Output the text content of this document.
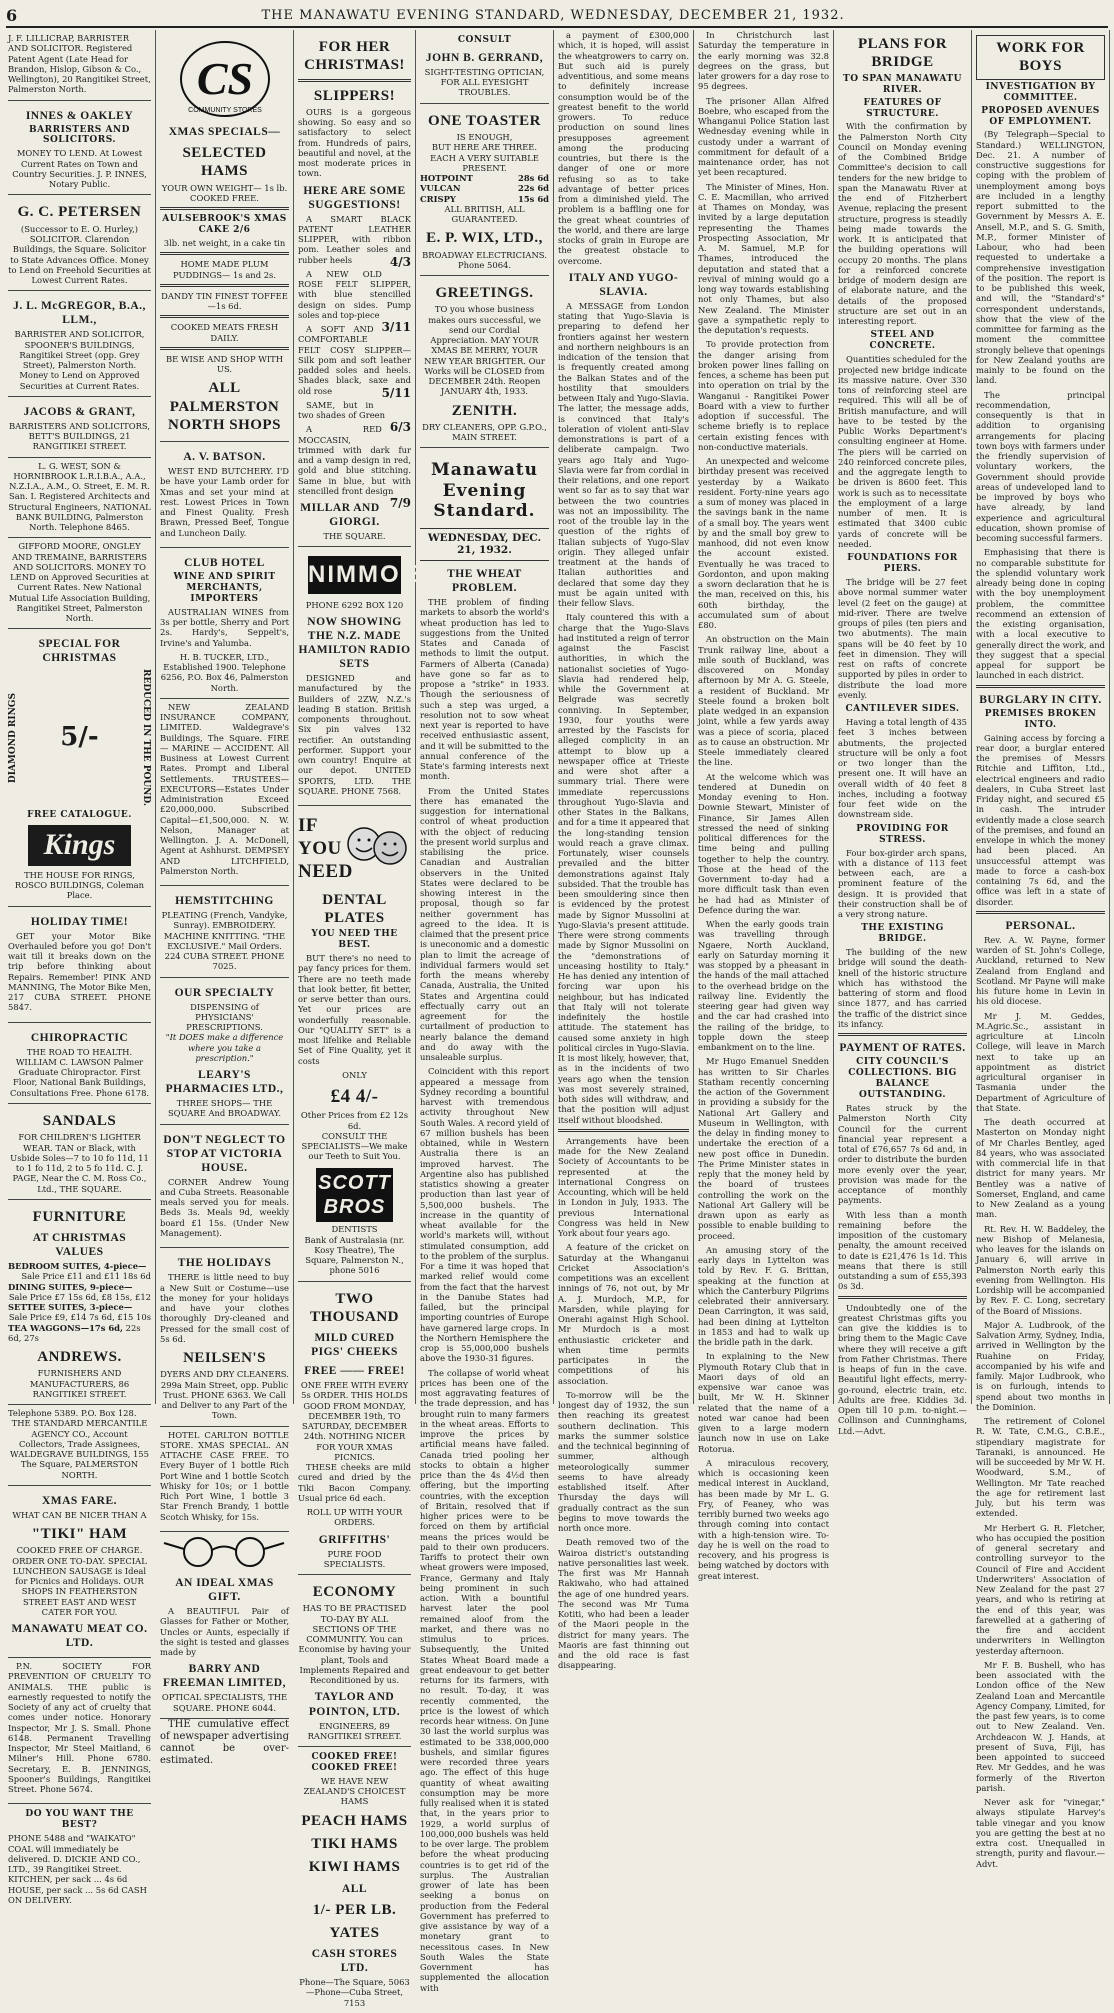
6	THE MANAWATU EVENING STANDARD, WEDNESDAY, DECEMBER 21, 1932.
J. F. LILLICRAP, BARRISTER AND SOLICITOR. Registered Patent Agent (Late Head for Brandon, Hislop, Gibson & Co., Wellington), 20 Rangitikei Street, Palmerston North.
INNES & OAKLEY
BARRISTERS AND SOLICITORS.
MONEY TO LEND. At Lowest Current Rates on Town and Country Securities. J. P. INNES, Notary Public.
G. C. PETERSEN
(Successor to E. O. Hurley,) SOLICITOR. Clarendon Buildings, the Square. Solicitor to State Advances Office. Money to Lend on Freehold Securities at Lowest Current Rates.
J. L. McGREGOR, B.A., LLM.,
BARRISTER AND SOLICITOR, SPOONER'S BUILDINGS, Rangitikei Street (opp. Grey Street), Palmerston North. Money to Lend on Approved Securities at Current Rates.
JACOBS & GRANT,
BARRISTERS AND SOLICITORS, BETT'S BUILDINGS, 21 RANGITIKEI STREET.
L. G. WEST, SON & HORNIBROOK L.R.I.B.A., A.A., N.Z.I.A., A.M., O. Street, E. M. R. San. I. Registered Architects and Structural Engineers, NATIONAL BANK BUILDING, Palmerston North. Telephone 8465.
GIFFORD MOORE, ONGLEY AND TREMAINE, BARRISTERS AND SOLICITORS. MONEY TO LEND on Approved Securities at Current Rates. New National Mutual Life Association Building, Rangitikei Street, Palmerston North.
SPECIAL FOR CHRISTMAS
DIAMOND RINGS 5/-	REDUCED IN THE POUND.
FREE CATALOGUE.
Kings
THE HOUSE FOR RINGS, ROSCO BUILDINGS, Coleman Place.
HOLIDAY TIME!
GET your Motor Bike Overhauled before you go! Don't wait till it breaks down on the trip before thinking about Repairs. Remember! PINK AND MANNING, The Motor Bike Men, 217 CUBA STREET. PHONE 5847.
CHIROPRACTIC
THE ROAD TO HEALTH. WILLIAM C. LAWSON Palmer Graduate Chiropractor. First Floor, National Bank Buildings, Consultations Free. Phone 6178.
SANDALS
FOR CHILDREN'S LIGHTER WEAR. TAN or Black, with Usbide Soles—7 to 10 fo 11d, 11 to 1 fo 11d, 2 to 5 fo 11d. C. J. PAGE, Near the C. M. Ross Co., Ltd., THE SQUARE.
FURNITURE
AT CHRISTMAS VALUES
BEDROOM SUITES, 4-piece—
Sale Price £11 and £11 18s 6d
DINING SUITES, 9-piece—
Sale Price £7 15s 6d, £8 15s, £12
SETTEE SUITES, 3-piece—
Sale Price £9, £14 7s 6d, £15 10s
TEA WAGGONS—17s 6d, 22s 6d, 27s
ANDREWS.
FURNISHERS AND MANUFACTURERS, 86 RANGITIKEI STREET.
Telephone 5389. P.O. Box 128.
THE STANDARD MERCANTILE AGENCY CO., Account Collectors, Trade Assignees, WALDEGRAVE BUILDINGS, 155 The Square, PALMERSTON NORTH.
XMAS FARE.
WHAT CAN BE NICER THAN A
"TIKI" HAM
COOKED FREE OF CHARGE. ORDER ONE TO-DAY. SPECIAL LUNCHEON SAUSAGE is Ideal for Picnics and Holidays. OUR SHOPS IN FEATHERSTON STREET EAST AND WEST CATER FOR YOU.
MANAWATU MEAT CO. LTD.
P.N. SOCIETY FOR PREVENTION OF CRUELTY TO ANIMALS. THE public is earnestly requested to notify the Society of any act of cruelty that comes under notice. Honorary Inspector, Mr J. S. Small. Phone 6148. Permanent Travelling Inspector, Mr Steel Maitland, 6 Milner's Hill. Phone 6780. Secretary, E. B. JENNINGS, Spooner's Buildings, Rangitikei Street. Phone 5674.
DO YOU WANT THE BEST?
PHONE 5488 and "WAIKATO" COAL will immediately be delivered. D. DICKIE AND CO., LTD., 39 Rangitikei Street. KITCHEN, per sack ... 4s 6d HOUSE, per sack ... 5s 6d CASH ON DELIVERY.
CS
COMMUNITY STORES
XMAS SPECIALS—
SELECTED HAMS
YOUR OWN WEIGHT— 1s lb. COOKED FREE.
AULSEBROOK'S XMAS CAKE 2/6
3lb. net weight, in a cake tin
HOME MADE PLUM PUDDINGS— 1s and 2s.
DANDY TIN FINEST TOFFEE—1s 6d.
COOKED MEATS FRESH DAILY.
BE WISE AND SHOP WITH US.
ALL PALMERSTON NORTH SHOPS
A. V. BATSON.
WEST END BUTCHERY. I'D be have your Lamb order for Xmas and set your mind at rest. Lowest Prices in Town and Finest Quality. Fresh Brawn, Pressed Beef, Tongue and Luncheon Daily.
CLUB HOTEL
WINE AND SPIRIT MERCHANTS, IMPORTERS
AUSTRALIAN WINES from 3s per bottle, Sherry and Port 2s. Hardy's, Seppelt's, Irvine's and Yalumba.
H. B. TUCKER, LTD., Established 1900. Telephone 6256, P.O. Box 46, Palmerston North.
NEW ZEALAND INSURANCE COMPANY, LIMITED. Waldegrave's Buildings, The Square. FIRE — MARINE — ACCIDENT. All Business at Lowest Current Rates. Prompt and Liberal Settlements. TRUSTEES—EXECUTORS—Estates Under Administration Exceed £20,000,000. Subscribed Capital—£1,500,000. N. W. Nelson, Manager at Wellington. J. A. McDonell, Agent at Ashhurst. DEMPSEY AND LITCHFIELD, Palmerston North.
HEMSTITCHING
PLEATING (French, Vandyke, Sunray). EMBROIDERY. MACHINE KNITTING. "THE EXCLUSIVE." Mail Orders. 224 CUBA STREET. PHONE 7025.
OUR SPECIALTY
DISPENSING of PHYSICIANS' PRESCRIPTIONS.
"It DOES make a difference where you take a prescription."
LEARY'S PHARMACIES LTD.,
THREE SHOPS— THE SQUARE And BROADWAY.
DON'T NEGLECT TO STOP AT VICTORIA HOUSE.
CORNER Andrew Young and Cuba Streets. Reasonable meals served you for meals. Beds 3s. Meals 9d, weekly board £1 15s. (Under New Management).
THE HOLIDAYS
THERE is little need to buy a New Suit or Costume—use the money for your holidays and have your clothes thoroughly Dry-cleaned and Pressed for the small cost of 5s 6d.
NEILSEN'S
DYERS AND DRY CLEANERS. 299a Main Street, opp. Public Trust. PHONE 6363. We Call and Deliver to any Part of the Town.
HOTEL CARLTON BOTTLE STORE. XMAS SPECIAL. AN ATTACHE CASE FREE. TO Every Buyer of 1 bottle Rich Port Wine and 1 bottle Scotch Whisky for 10s; or 1 bottle Rich Port Wine, 1 bottle 3 Star French Brandy, 1 bottle Scotch Whisky, for 15s.
AN IDEAL XMAS GIFT.
A BEAUTIFUL Pair of Glasses for Father or Mother, Uncles or Aunts, especially if the sight is tested and glasses made by
BARRY AND FREEMAN LIMITED,
OPTICAL SPECIALISTS, THE SQUARE. PHONE 6044.
THE cumulative effect of newspaper advertising cannot be over-estimated.
FOR HER CHRISTMAS!
SLIPPERS!
OURS is a gorgeous showing. So easy and so satisfactory to select from. Hundreds of pairs, beautiful and novel, at the most moderate prices in town.
HERE ARE SOME SUGGESTIONS!
A SMART BLACK PATENT LEATHER SLIPPER, with ribbon pom. Leather soles and rubber heels	4/3
A NEW OLD ROSE FELT SLIPPER, with blue stencilled design on sides. Pump soles and top-piece
3/11
A SOFT AND COMFORTABLE FELT COSY SLIPPER—Silk pom and soft leather padded soles and heels. Shades black, saxe and old rose	5/11
SAME, but in two shades of Green
6/3
A RED MOCCASIN, trimmed with dark fur and a vamp design in red, gold and blue stitching. Same in blue, but with stencilled front design
7/9
MILLAR AND GIORGI.
THE SQUARE.
NIMMO'S
PHONE 6292 BOX 120
NOW SHOWING THE N.Z. MADE HAMILTON RADIO SETS
DESIGNED and manufactured by the Builders of 2ZW, N.Z.'s leading B station. British components throughout. Six pin valves 132 rectifier. An outstanding performer. Support your own country! Enquire at our depot. UNITED SPORTS, LTD. THE SQUARE. PHONE 7568.
IF YOU NEED
DENTAL PLATES
YOU NEED THE BEST.
BUT there's no need to pay fancy prices for them. There are no teeth made that look better, fit better, or serve better than ours. Yet our prices are wonderfully reasonable. Our "QUALITY SET" is a most lifelike and Reliable Set of Fine Quality, yet it costs
ONLY
£4 4/-
Other Prices from £2 12s 6d.
CONSULT THE SPECIALISTS—We make our Teeth to Suit You.
SCOTT BROS
DENTISTS
Bank of Australasia (nr. Kosy Theatre), The Square, Palmerston N., phone 5016
TWO THOUSAND
MILD CURED PIGS' CHEEKS
FREE —— FREE!
ONE FREE WITH EVERY 5s ORDER. THIS HOLDS GOOD FROM MONDAY, DECEMBER 19th, TO SATURDAY, DECEMBER 24th. NOTHING NICER FOR YOUR XMAS PICNICS.
THESE cheeks are mild cured and dried by the Tiki Bacon Company. Usual price 6d each.
ROLL UP WITH YOUR ORDERS.
GRIFFITHS'
PURE FOOD SPECIALISTS.
ECONOMY
HAS TO BE PRACTISED TO-DAY BY ALL SECTIONS OF THE COMMUNITY. You can Economise by having your plant, Tools and Implements Repaired and Reconditioned by us.
TAYLOR AND POINTON, LTD.
ENGINEERS, 89 RANGITIKEI STREET.
COOKED FREE! COOKED FREE!
WE HAVE NEW ZEALAND'S CHOICEST HAMS
PEACH HAMS
TIKI HAMS
KIWI HAMS
ALL
1/- PER LB.
YATES
CASH STORES LTD.
Phone—The Square, 5063—Phone—Cuba Street, 7153
CONSULT
JOHN B. GERRAND,
SIGHT-TESTING OPTICIAN, FOR ALL EYESIGHT TROUBLES.
ONE TOASTER
IS ENOUGH,
BUT HERE ARE THREE. EACH A VERY SUITABLE PRESENT.
HOTPOINT	28s 6d
VULCAN	22s 6d
CRISPY	15s 6d
ALL BRITISH, ALL GUARANTEED.
E. P. WIX, LTD.,
BROADWAY ELECTRICIANS. Phone 5064.
GREETINGS.
TO you whose business makes ours successful, we send our Cordial Appreciation. MAY YOUR XMAS BE MERRY, YOUR NEW YEAR BRIGHTER. Our Works will be CLOSED from DECEMBER 24th. Reopen JANUARY 4th, 1933.
ZENITH.
DRY CLEANERS, OPP. G.P.O., MAIN STREET.
Manawatu
Evening Standard.
WEDNESDAY, DEC. 21, 1932.
THE WHEAT PROBLEM.
THE problem of finding markets to absorb the world's wheat production has led to suggestions from the United States and Canada of methods to limit the output. Farmers of Alberta (Canada) have gone so far as to propose a "strike" in 1933. Though the seriousness of such a step was urged, a resolution not to sow wheat next year is reported to have received enthusiastic assent, and it will be submitted to the annual conference of the State's farming interests next month.
From the United States there has emanated the suggestion for international control of wheat production with the object of reducing the present world surplus and stabilising the price. Canadian and Australian observers in the United States were declared to be showing interest in the proposal, though so far neither government has agreed to the idea. It is claimed that the present price is uneconomic and a domestic plan to limit the acreage of individual farmers would set forth the means whereby Canada, Australia, the United States and Argentina could effectually carry out an agreement for the curtailment of production to nearly balance the demand and do away with the unsaleable surplus.
Coincident with this report appeared a message from Sydney recording a bountiful harvest with tremendous activity throughout New South Wales. A record yield of 67 million bushels has been obtained, while in Western Australia there is an improved harvest. The Argentine also has published statistics showing a greater production than last year of 5,500,000 bushels. The increase in the quantity of wheat available for the world's markets will, without stimulated consumption, add to the problem of the surplus. For a time it was hoped that marked relief would come from the fact that the harvest in the Danube States had failed, but the principal importing countries of Europe have garnered large crops. In the Northern Hemisphere the crop is 55,000,000 bushels above the 1930-31 figures.
The collapse of world wheat prices has been one of the most aggravating features of the trade depression, and has brought ruin to many farmers in the wheat areas. Efforts to improve the prices by artificial means have failed. Canada tried pooling her stocks to obtain a higher price than the 4s 4½d then offering, but the importing countries, with the exception of Britain, resolved that if higher prices were to be forced on them by artificial means the prices would be paid to their own producers. Tariffs to protect their own wheat growers were imposed, France, Germany and Italy being prominent in such action. With a bountiful harvest later the pool remained aloof from the market, and there was no stimulus to prices. Subsequently, the United States Wheat Board made a great endeavour to get better returns for its farmers, with no result. To-day, it was recently commented, the price is the lowest of which records hear witness. On June 30 last the world surplus was estimated to be 338,000,000 bushels, and similar figures were recorded three years ago. The effect of this huge quantity of wheat awaiting consumption may be more fully realised when it is stated that, in the years prior to 1929, a world surplus of 100,000,000 bushels was held to be over large. The problem before the wheat producing countries is to get rid of the surplus. The Australian grower of late has been seeking a bonus on production from the Federal Government has preferred to give assistance by way of a monetary grant to necessitous cases. In New South Wales the State Government has supplemented the allocation with
a payment of £300,000 which, it is hoped, will assist the wheatgrowers to carry on. But such aid is purely adventitious, and some means to definitely increase consumption would be of the greatest benefit to the world growers. To reduce production on sound lines presupposes agreement among the producing countries, but there is the danger of one or more refusing so as to take advantage of better prices from a diminished yield. The problem is a baffling one for the great wheat countries of the world, and there are large stocks of grain in Europe are the greatest obstacle to overcome.
ITALY AND YUGO-SLAVIA.
A MESSAGE from London stating that Yugo-Slavia is preparing to defend her frontiers against her western and northern neighbours is an indication of the tension that is frequently created among the Balkan States and of the hostility that smoulders between Italy and Yugo-Slavia. The latter, the message adds, is convinced that Italy's toleration of violent anti-Slav demonstrations is part of a deliberate campaign. Two years ago Italy and Yugo-Slavia were far from cordial in their relations, and one report went so far as to say that war between the two countries was not an impossibility. The root of the trouble lay in the question of the rights of Italian subjects of Yugo-Slav origin. They alleged unfair treatment at the hands of Italian authorities and declared that some day they must be again united with their fellow Slavs.
Italy countered this with a charge that the Yugo-Slavs had instituted a reign of terror against the Fascist authorities, in which the nationalist societies of Yugo-Slavia had rendered help, while the Government at Belgrade was secretly conniving. In September, 1930, four youths were arrested by the Fascists for alleged complicity in an attempt to blow up a newspaper office at Trieste and were shot after a summary trial. There were immediate repercussions throughout Yugo-Slavia and other States in the Balkans, and for a time it appeared that the long-standing tension would reach a grave climax. Fortunately, wiser counsels prevailed and the bitter demonstrations against Italy subsided. That the trouble has been smouldering since then is evidenced by the protest made by Signor Mussolini at Yugo-Slavia's present attitude. There were strong comments made by Signor Mussolini on the "demonstrations of unceasing hostility to Italy." He has denied any intention of forcing war upon his neighbour, but has indicated that Italy will not tolerate indefinitely the hostile attitude. The statement has caused some anxiety in high political circles in Yugo-Slavia. It is most likely, however, that, as in the incidents of two years ago when the tension was most severely strained, both sides will withdraw, and that the position will adjust itself without bloodshed.
Arrangements have been made for the New Zealand Society of Accountants to be represented at the international Congress on Accounting, which will be held in London in July, 1933. The previous International Congress was held in New York about four years ago.
A feature of the cricket on Saturday at the Whanganui Cricket Association's competitions was an excellent innings of 76, not out, by Mr A. J. Murdoch, M.P., for Marsden, while playing for Onerahi against High School. Mr Murdoch is a most enthusiastic cricketer and when time permits participates in the competitions of his association.
To-morrow will be the longest day of 1932, the sun then reaching its greatest southern declination. This marks the summer solstice and the technical beginning of summer, although meteorologically summer seems to have already established itself. After Thursday the days will gradually contract as the sun begins to move towards the north once more.
Death removed two of the Wairoa district's outstanding native personalities last week. The first was Mr Hannah Rakiwaho, who had attained the age of one hundred years. The second was Mr Tuma Kotiti, who had been a leader of the Maori people in the district for many years. The Maoris are fast thinning out and the old race is fast disappearing.
In Christchurch last Saturday the temperature in the early morning was 32.8 degrees on the grass, but later growers for a day rose to 95 degrees.
The prisoner Allan Alfred Boebre, who escaped from the Whanganui Police Station last Wednesday evening while in custody under a warrant of commitment for default of a maintenance order, has not yet been recaptured.
The Minister of Mines, Hon. C. E. Macmillan, who arrived at Thames on Monday, was invited by a large deputation representing the Thames Prospecting Association, Mr A. M. Samuel, M.P. for Thames, introduced the deputation and stated that a revival of mining would go a long way towards establishing not only Thames, but also New Zealand. The Minister gave a sympathetic reply to the deputation's requests.
To provide protection from the danger arising from broken power lines falling on fences, a scheme has been put into operation on trial by the Wanganui - Rangitikei Power Board with a view to further adoption if successful. The scheme briefly is to replace certain existing fences with non-conductive materials.
An unexpected and welcome birthday present was received yesterday by a Waikato resident. Forty-nine years ago a sum of money was placed in the savings bank in the name of a small boy. The years went by and the small boy grew to manhood, did not even know the account existed. Eventually he was traced to Gordonton, and upon making a sworn declaration that he is the man, received on this, his 60th birthday, the accumulated sum of about £80.
An obstruction on the Main Trunk railway line, about a mile south of Buckland, was discovered on Monday afternoon by Mr A. G. Steele, a resident of Buckland. Mr Steele found a broken bolt plate wedged in an expansion joint, while a few yards away was a piece of scoria, placed as to cause an obstruction. Mr Steele immediately cleared the line.
At the welcome which was tendered at Dunedin on Monday evening to Hon. Downie Stewart, Minister of Finance, Sir James Allen stressed the need of sinking political differences for the time being and pulling together to help the country. Those at the head of the Government to-day had a more difficult task than even he had had as Minister of Defence during the war.
When the early goods train was travelling through Ngaere, North Auckland, early on Saturday morning it was stopped by a pheasant in the hands of the mail attached to the overhead bridge on the railway line. Evidently the steering gear had given way and the car had crashed into the railing of the bridge, to topple down the steep embankment on to the line.
Mr Hugo Emanuel Snedden has written to Sir Charles Statham recently concerning the action of the Government in providing a subsidy for the National Art Gallery and Museum in Wellington, with the delay in finding money to undertake the erection of a new post office in Dunedin. The Prime Minister states in reply that the money held by the board of trustees controlling the work on the National Art Gallery will be drawn upon as early as possible to enable building to proceed.
An amusing story of the early days in Lyttelton was told by Rev. F. G. Brittan, speaking at the function at which the Canterbury Pilgrims celebrated their anniversary. Dean Carrington, it was said, had been dining at Lyttelton in 1853 and had to walk up the bridle path in the dark.
In explaining to the New Plymouth Rotary Club that in Maori days of old an expensive war canoe was built, Mr W. H. Skinner related that the name of a noted war canoe had been given to a large modern launch now in use on Lake Rotorua.
A miraculous recovery, which is occasioning keen medical interest in Auckland, has been made by Mr L. G. Fry, of Feaney, who was terribly burned two weeks ago through coming into contact with a high-tension wire. To-day he is well on the road to recovery, and his progress is being watched by doctors with great interest.
PLANS FOR BRIDGE
TO SPAN MANAWATU RIVER.
FEATURES OF STRUCTURE.
With the confirmation by the Palmerston North City Council on Monday evening of the Combined Bridge Committee's decision to call tenders for the new bridge to span the Manawatu River at the end of Fitzherbert Avenue, replacing the present structure, progress is steadily being made towards the work. It is anticipated that the building operations will occupy 20 months. The plans for a reinforced concrete bridge of modern design are of elaborate nature, and the details of the proposed structure are set out in an interesting report.
STEEL AND CONCRETE.
Quantities scheduled for the projected new bridge indicate its massive nature. Over 330 tons of reinforcing steel are required. This will all be of British manufacture, and will have to be tested by the Public Works Department's consulting engineer at Home. The piers will be carried on 240 reinforced concrete piles, and the aggregate length to be driven is 8600 feet. This work is such as to necessitate the employment of a large number of men. It is estimated that 3400 cubic yards of concrete will be needed.
FOUNDATIONS FOR PIERS.
The bridge will be 27 feet above normal summer water level (2 feet on the gauge) at mid-river. There are twelve groups of piles (ten piers and two abutments). The main spans will be 40 feet by 10 feet in dimension. They will rest on rafts of concrete supported by piles in order to distribute the load more evenly.
CANTILEVER SIDES.
Having a total length of 435 feet 3 inches between abutments, the projected structure will be only a foot or two longer than the present one. It will have an overall width of 40 feet 8 inches, including a footway four feet wide on the downstream side.
PROVIDING FOR STRESS.
Four box-girder arch spans, with a distance of 113 feet between each, are a prominent feature of the design. It is provided that their construction shall be of a very strong nature.
THE EXISTING BRIDGE.
The building of the new bridge will sound the death-knell of the historic structure which has withstood the battering of storm and flood since 1877, and has carried the traffic of the district since its infancy.
PAYMENT OF RATES.
CITY COUNCIL'S COLLECTIONS. BIG BALANCE OUTSTANDING.
Rates struck by the Palmerston North City Council for the current financial year represent a total of £76,657 7s 6d and, in order to distribute the burden more evenly over the year, provision was made for the acceptance of monthly payments.
With less than a month remaining before the imposition of the customary penalty, the amount received to date is £21,476 1s 1d. This means that there is still outstanding a sum of £55,393 0s 3d.
Undoubtedly one of the greatest Christmas gifts you can give the kiddies is to bring them to the Magic Cave where they will receive a gift from Father Christmas. There is heaps of fun in the cave. Beautiful light effects, merry-go-round, electric train, etc. Adults are free. Kiddies 3d. Open till 10 p.m. to-night.—Collinson and Cunninghams, Ltd.—Advt.
WORK FOR BOYS
INVESTIGATION BY COMMITTEE.
PROPOSED AVENUES OF EMPLOYMENT.
(By Telegraph—Special to Standard.) WELLINGTON, Dec. 21. A number of constructive suggestions for coping with the problem of unemployment among boys are included in a lengthy report submitted to the Government by Messrs A. E. Ansell, M.P., and S. G. Smith, M.P., former Minister of Labour, who had been requested to undertake a comprehensive investigation of the position. The report is to be published this week, and will, the "Standard's" correspondent understands, show that the view of the committee for farming as the moment the committee strongly believe that openings for New Zealand youths are mainly to be found on the land.
The principal recommendation, consequently is that in addition to organising arrangements for placing town boys with farmers under the friendly supervision of voluntary workers, the Government should provide areas of undeveloped land to be improved by boys who have already, by land experience and agricultural education, shown promise of becoming successful farmers.
Emphasising that there is no comparable substitute for the splendid voluntary work already being done in coping with the boy unemployment problem, the committee recommend an extension of the existing organisation, with a local executive to generally direct the work, and they suggest that a special appeal for support be launched in each district.
BURGLARY IN CITY.
PREMISES BROKEN INTO.
Gaining access by forcing a rear door, a burglar entered the premises of Messrs Ritchie and Liffiton, Ltd., electrical engineers and radio dealers, in Cuba Street last Friday night, and secured £5 in cash. The intruder evidently made a close search of the premises, and found an envelope in which the money had been placed. An unsuccessful attempt was made to force a cash-box containing 7s 6d, and the office was left in a state of disorder.
PERSONAL.
Rev. A. W. Payne, former warden of St. John's College, Auckland, returned to New Zealand from England and Scotland. Mr Payne will make his future home in Levin in his old diocese.
Mr J. M. Geddes, M.Agric.Sc., assistant in agriculture at Lincoln College, will leave in March next to take up an appointment as district agricultural organiser in Tasmania under the Department of Agriculture of that State.
The death occurred at Masterton on Monday night of Mr Charles Bentley, aged 84 years, who was associated with commercial life in that district for many years. Mr Bentley was a native of Somerset, England, and came to New Zealand as a young man.
Rt. Rev. H. W. Baddeley, the new Bishop of Melanesia, who leaves for the islands on January 6, will arrive in Palmerston North early this evening from Wellington. His Lordship will be accompanied by Rev. F. C. Long, secretary of the Board of Missions.
Major A. Ludbrook, of the Salvation Army, Sydney, India, arrived in Wellington by the Ruahine on Friday, accompanied by his wife and family. Major Ludbrook, who is on furlough, intends to spend about two months in the Dominion.
The retirement of Colonel R. W. Tate, C.M.G., C.B.E., stipendiary magistrate for Taranaki, is announced. He will be succeeded by Mr W. H. Woodward, S.M., of Wellington. Mr Tate reached the age for retirement last July, but his term was extended.
Mr Herbert G. R. Fletcher, who has occupied the position of general secretary and controlling surveyor to the Council of Fire and Accident Underwriters' Association of New Zealand for the past 27 years, and who is retiring at the end of this year, was farewelled at a gathering of the fire and accident underwriters in Wellington yesterday afternoon.
Mr F. B. Bushell, who has been associated with the London office of the New Zealand Loan and Mercantile Agency Company, Limited, for the past few years, is to come out to New Zealand. Ven. Archdeacon W. J. Hands, at present of Suva, Fiji, has been appointed to succeed Rev. Mr Geddes, and he was formerly of the Riverton parish.
Never ask for "vinegar," always stipulate Harvey's table vinegar and you know you are getting the best at no extra cost. Unequalled in strength, purity and flavour.—Advt.
